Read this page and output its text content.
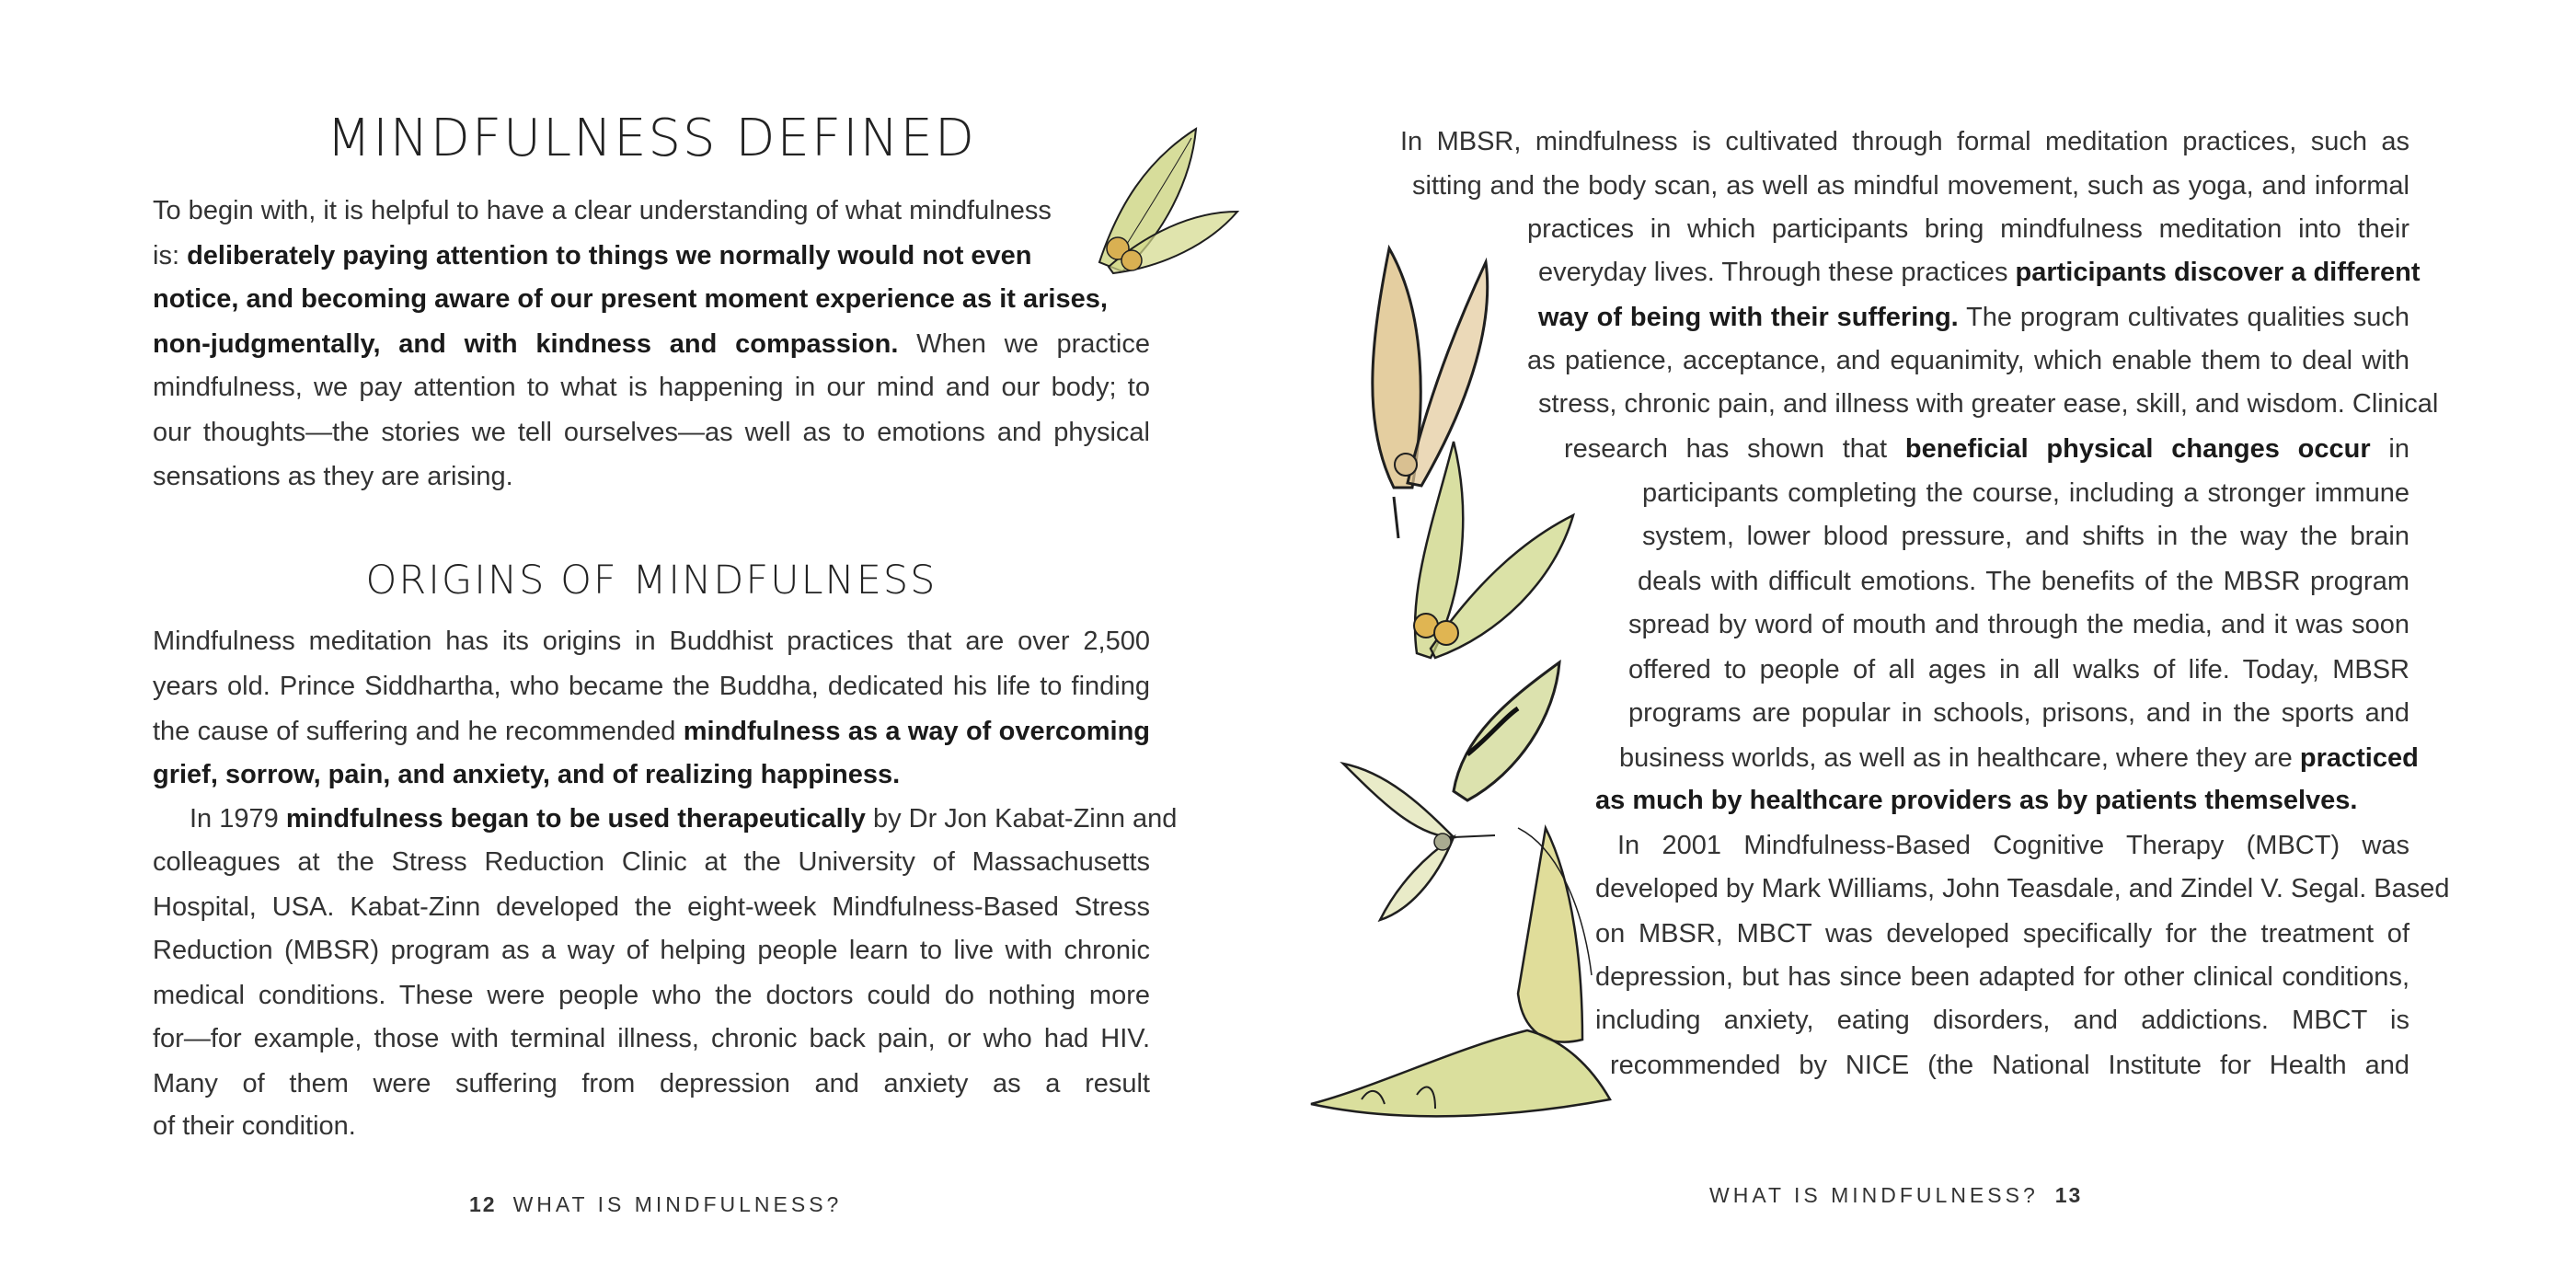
MINDFULNESS DEFINED
To begin with, it is helpful to have a clear understanding of what mindfulness
is: deliberately paying attention to things we normally would not even
notice, and becoming aware of our present moment experience as it arises,
non-judgmentally, and with kindness and compassion. When we practice
mindfulness, we pay attention to what is happening in our mind and our body; to
our thoughts—the stories we tell ourselves—as well as to emotions and physical
sensations as they are arising.
ORIGINS OF MINDFULNESS
Mindfulness meditation has its origins in Buddhist practices that are over 2,500
years old. Prince Siddhartha, who became the Buddha, dedicated his life to finding
the cause of suffering and he recommended mindfulness as a way of overcoming
grief, sorrow, pain, and anxiety, and of realizing happiness.
In 1979 mindfulness began to be used therapeutically by Dr Jon Kabat-Zinn and
colleagues at the Stress Reduction Clinic at the University of Massachusetts
Hospital, USA. Kabat-Zinn developed the eight-week Mindfulness-Based Stress
Reduction (MBSR) program as a way of helping people learn to live with chronic
medical conditions. These were people who the doctors could do nothing more
for—for example, those with terminal illness, chronic back pain, or who had HIV.
Many of them were suffering from depression and anxiety as a result
of their condition.
12 WHAT IS MINDFULNESS?
In MBSR, mindfulness is cultivated through formal meditation practices, such as
sitting and the body scan, as well as mindful movement, such as yoga, and informal
practices in which participants bring mindfulness meditation into their
everyday lives. Through these practices participants discover a different
way of being with their suffering. The program cultivates qualities such
as patience, acceptance, and equanimity, which enable them to deal with
stress, chronic pain, and illness with greater ease, skill, and wisdom. Clinical
research has shown that beneficial physical changes occur in
participants completing the course, including a stronger immune
system, lower blood pressure, and shifts in the way the brain
deals with difficult emotions. The benefits of the MBSR program
spread by word of mouth and through the media, and it was soon
offered to people of all ages in all walks of life. Today, MBSR
programs are popular in schools, prisons, and in the sports and
business worlds, as well as in healthcare, where they are practiced
as much by healthcare providers as by patients themselves.
In 2001 Mindfulness-Based Cognitive Therapy (MBCT) was
developed by Mark Williams, John Teasdale, and Zindel V. Segal. Based
on MBSR, MBCT was developed specifically for the treatment of
depression, but has since been adapted for other clinical conditions,
including anxiety, eating disorders, and addictions. MBCT is
recommended by NICE (the National Institute for Health and
WHAT IS MINDFULNESS? 13
